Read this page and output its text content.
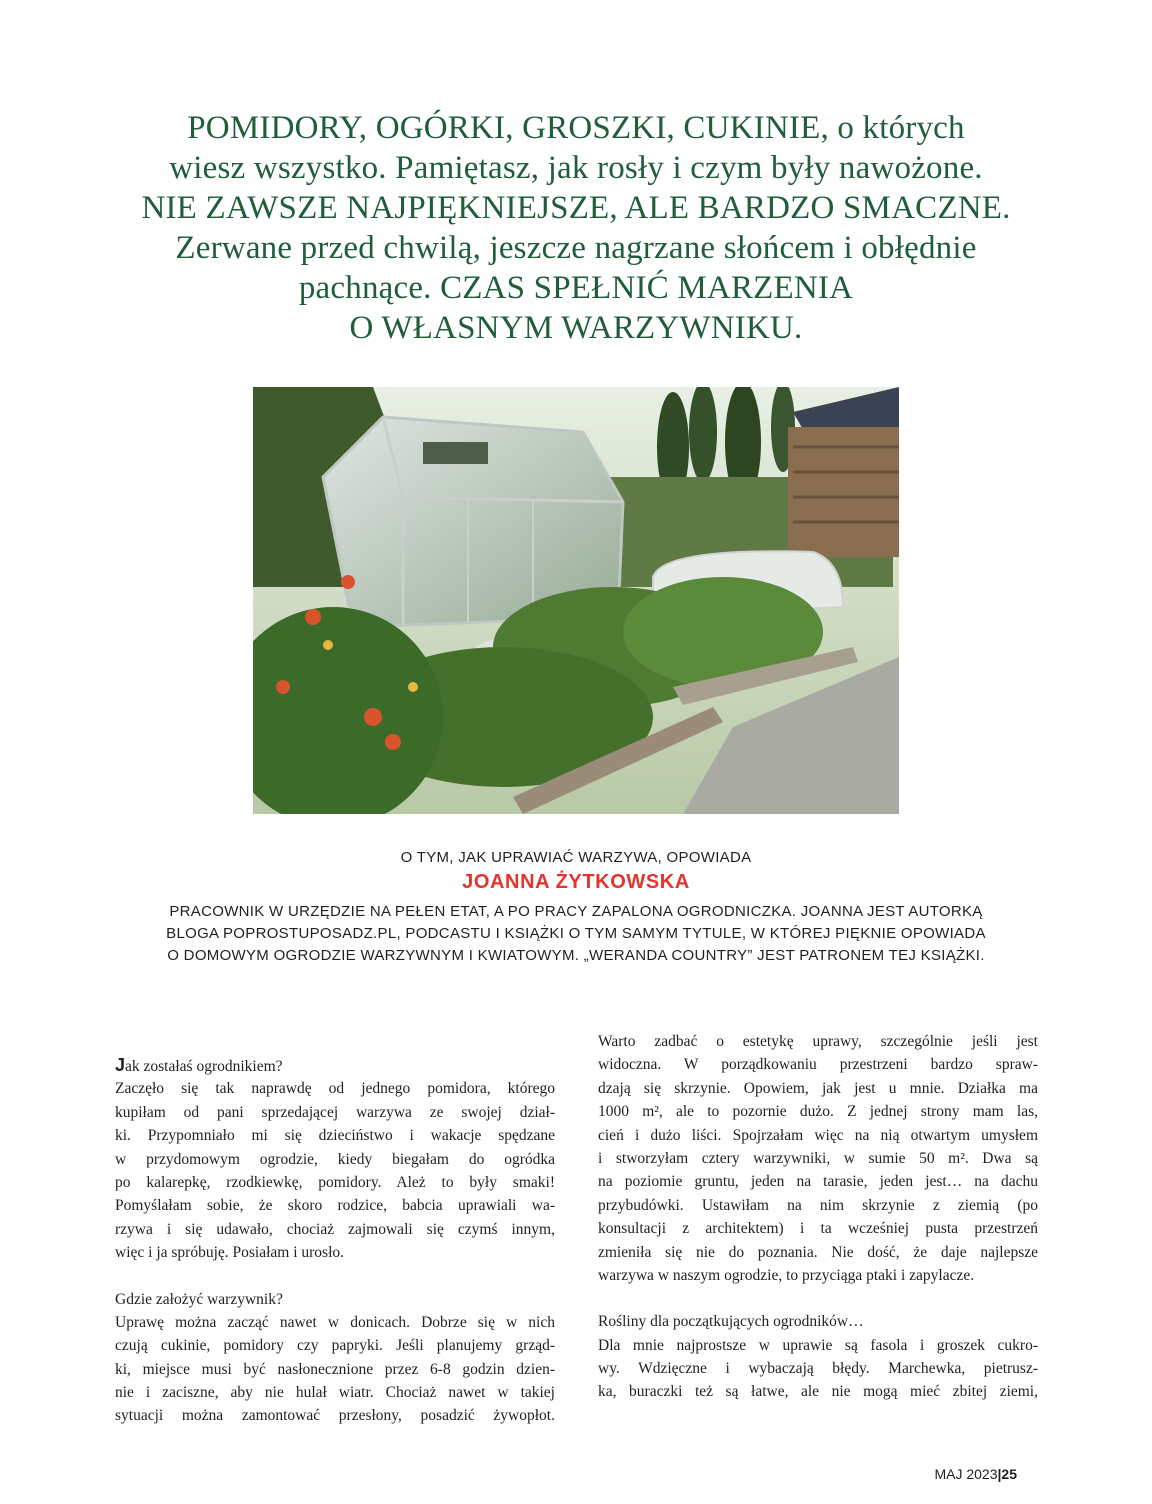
POMIDORY, OGÓRKI, GROSZKI, CUKINIE, o których
wiesz wszystko. Pamiętasz, jak rosły i czym były nawożone.
NIE ZAWSZE NAJPIĘKNIEJSZE, ALE BARDZO SMACZNE.
Zerwane przed chwilą, jeszcze nagrzane słońcem i obłędnie
pachnące. CZAS SPEŁNIĆ MARZENIA
O WŁASNYM WARZYWNIKU.
O TYM, JAK UPRAWIAĆ WARZYWA, OPOWIADA
JOANNA ŻYTKOWSKA
PRACOWNIK W URZĘDZIE NA PEŁEN ETAT, A PO PRACY ZAPALONA OGRODNICZKA. JOANNA JEST AUTORKĄ
BLOGA POPROSTUPOSADZ.PL, PODCASTU I KSIĄŻKI O TYM SAMYM TYTULE, W KTÓREJ PIĘKNIE OPOWIADA
O DOMOWYM OGRODZIE WARZYWNYM I KWIATOWYM. „WERANDA COUNTRY” JEST PATRONEM TEJ KSIĄŻKI.
Jak zostałaś ogrodnikiem?
Zaczęło się tak naprawdę od jednego pomidora, którego
kupiłam od pani sprzedającej warzywa ze swojej dział-
ki. Przypomniało mi się dzieciństwo i wakacje spędzane
w przydomowym ogrodzie, kiedy biegałam do ogródka
po kalarepkę, rzodkiewkę, pomidory. Ależ to były smaki!
Pomyślałam sobie, że skoro rodzice, babcia uprawiali wa-
rzywa i się udawało, chociaż zajmowali się czymś innym,
więc i ja spróbuję. Posiałam i urosło.
Gdzie założyć warzywnik?
Uprawę można zacząć nawet w donicach. Dobrze się w nich
czują cukinie, pomidory czy papryki. Jeśli planujemy grząd-
ki, miejsce musi być nasłonecznione przez 6-8 godzin dzien-
nie i zaciszne, aby nie hulał wiatr. Chociaż nawet w takiej
sytuacji można zamontować przesłony, posadzić żywopłot.
Warto zadbać o estetykę uprawy, szczególnie jeśli jest
widoczna. W porządkowaniu przestrzeni bardzo spraw-
dzają się skrzynie. Opowiem, jak jest u mnie. Działka ma
1000 m², ale to pozornie dużo. Z jednej strony mam las,
cień i dużo liści. Spojrzałam więc na nią otwartym umysłem
i stworzyłam cztery warzywniki, w sumie 50 m². Dwa są
na poziomie gruntu, jeden na tarasie, jeden jest… na dachu
przybudówki. Ustawiłam na nim skrzynie z ziemią (po
konsultacji z architektem) i ta wcześniej pusta przestrzeń
zmieniła się nie do poznania. Nie dość, że daje najlepsze
warzywa w naszym ogrodzie, to przyciąga ptaki i zapylacze.
Rośliny dla początkujących ogrodników…
Dla mnie najprostsze w uprawie są fasola i groszek cukro-
wy. Wdzięczne i wybaczają błędy. Marchewka, pietrusz-
ka, buraczki też są łatwe, ale nie mogą mieć zbitej ziemi,
MAJ 2023|25
